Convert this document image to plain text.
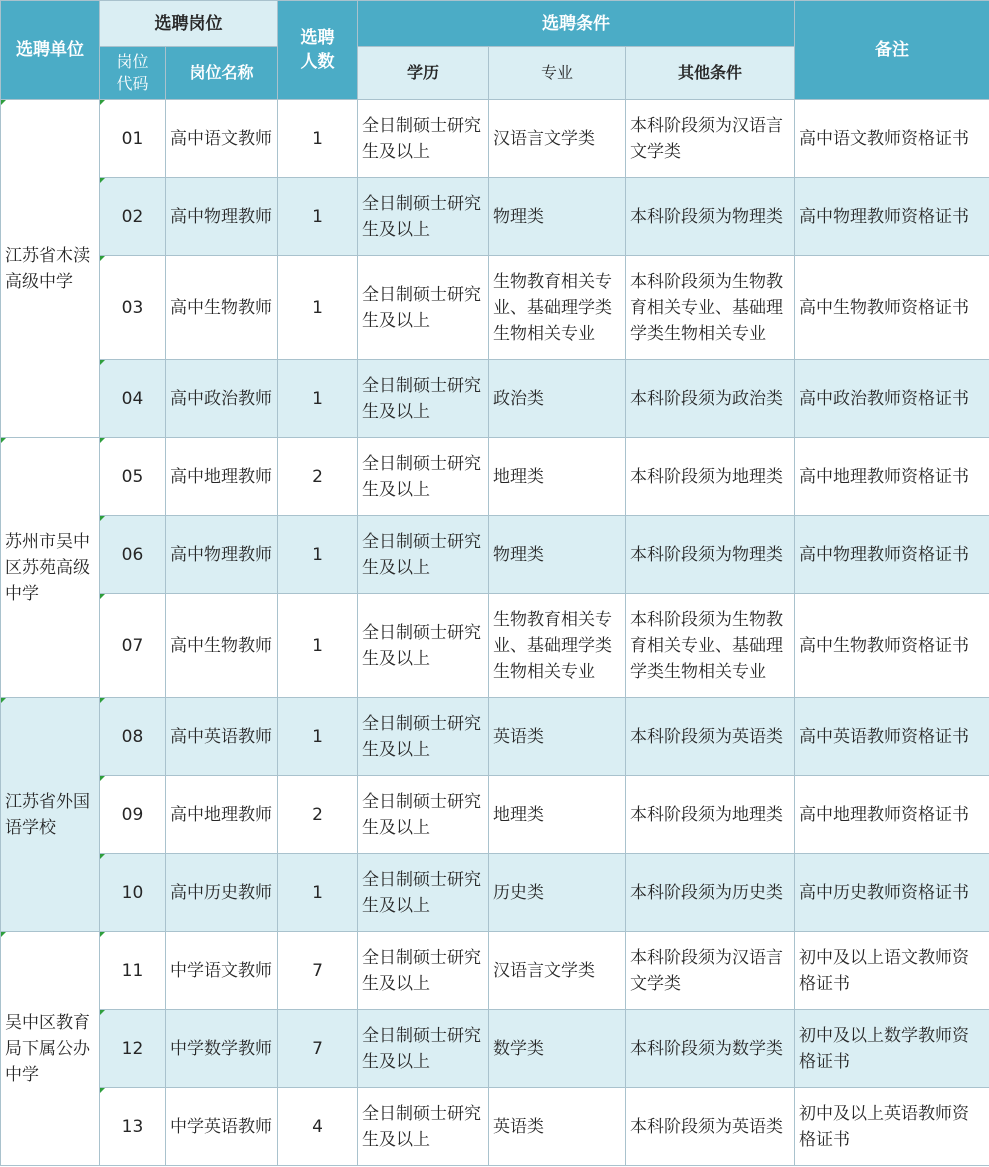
选聘单位	选聘岗位		选聘人数	选聘条件			备注
	岗位代码	岗位名称		学历	专业	其他条件	
江苏省木渎高级中学	01	高中语文教师	1	全日制硕士研究生及以上	汉语言文学类	本科阶段须为汉语言文学类	高中语文教师资格证书
	02	高中物理教师	1	全日制硕士研究生及以上	物理类	本科阶段须为物理类	高中物理教师资格证书
	03	高中生物教师	1	全日制硕士研究生及以上	生物教育相关专业、基础理学类生物相关专业	本科阶段须为生物教育相关专业、基础理学类生物相关专业	高中生物教师资格证书
	04	高中政治教师	1	全日制硕士研究生及以上	政治类	本科阶段须为政治类	高中政治教师资格证书
苏州市吴中区苏苑高级中学	05	高中地理教师	2	全日制硕士研究生及以上	地理类	本科阶段须为地理类	高中地理教师资格证书
	06	高中物理教师	1	全日制硕士研究生及以上	物理类	本科阶段须为物理类	高中物理教师资格证书
	07	高中生物教师	1	全日制硕士研究生及以上	生物教育相关专业、基础理学类生物相关专业	本科阶段须为生物教育相关专业、基础理学类生物相关专业	高中生物教师资格证书
江苏省外国语学校	08	高中英语教师	1	全日制硕士研究生及以上	英语类	本科阶段须为英语类	高中英语教师资格证书
	09	高中地理教师	2	全日制硕士研究生及以上	地理类	本科阶段须为地理类	高中地理教师资格证书
	10	高中历史教师	1	全日制硕士研究生及以上	历史类	本科阶段须为历史类	高中历史教师资格证书
吴中区教育局下属公办中学	11	中学语文教师	7	全日制硕士研究生及以上	汉语言文学类	本科阶段须为汉语言文学类	初中及以上语文教师资格证书
	12	中学数学教师	7	全日制硕士研究生及以上	数学类	本科阶段须为数学类	初中及以上数学教师资格证书
	13	中学英语教师	4	全日制硕士研究生及以上	英语类	本科阶段须为英语类	初中及以上英语教师资格证书
